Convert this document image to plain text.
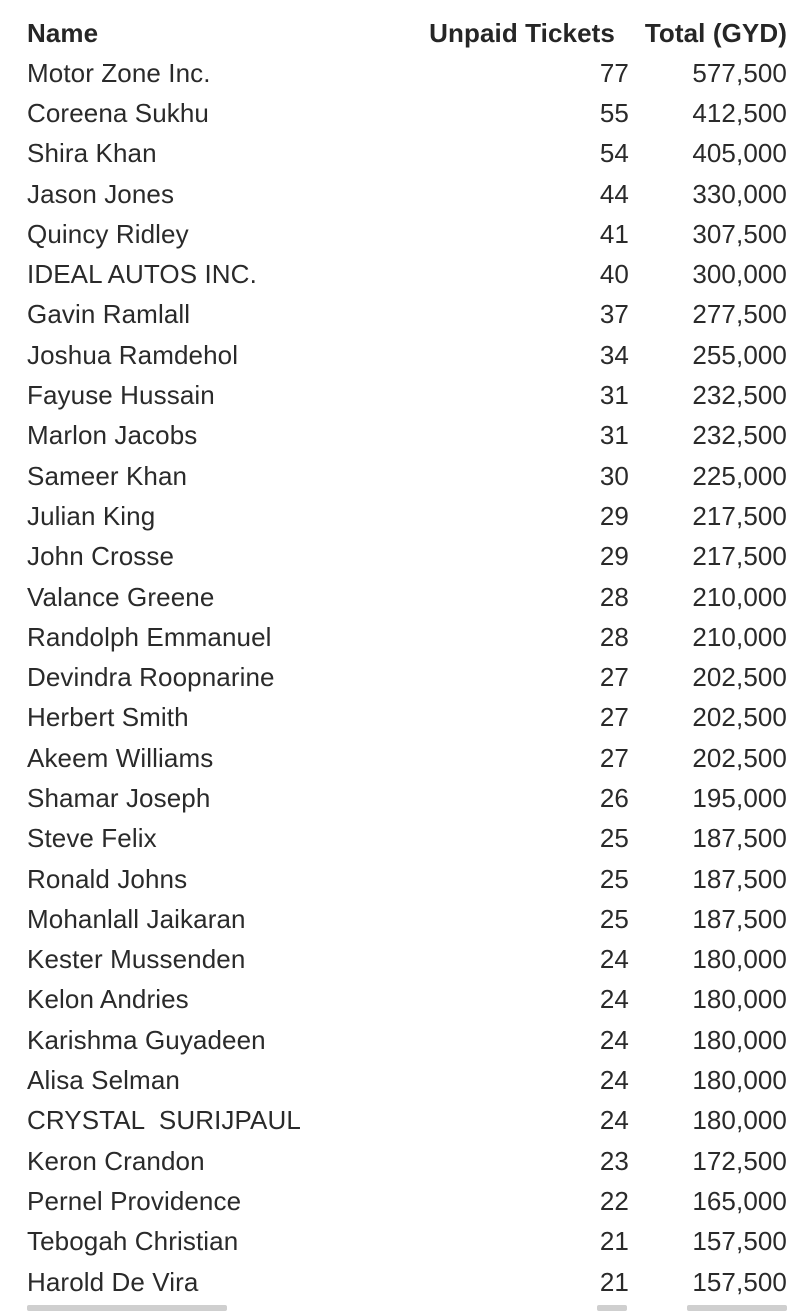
Name	Unpaid Tickets	Total (GYD)
Motor Zone Inc.	77	577,500
Coreena Sukhu	55	412,500
Shira Khan	54	405,000
Jason Jones	44	330,000
Quincy Ridley	41	307,500
IDEAL AUTOS INC.	40	300,000
Gavin Ramlall	37	277,500
Joshua Ramdehol	34	255,000
Fayuse Hussain	31	232,500
Marlon Jacobs	31	232,500
Sameer Khan	30	225,000
Julian King	29	217,500
John Crosse	29	217,500
Valance Greene	28	210,000
Randolph Emmanuel	28	210,000
Devindra Roopnarine	27	202,500
Herbert Smith	27	202,500
Akeem Williams	27	202,500
Shamar Joseph	26	195,000
Steve Felix	25	187,500
Ronald Johns	25	187,500
Mohanlall Jaikaran	25	187,500
Kester Mussenden	24	180,000
Kelon Andries	24	180,000
Karishma Guyadeen	24	180,000
Alisa Selman	24	180,000
CRYSTAL  SURIJPAUL	24	180,000
Keron Crandon	23	172,500
Pernel Providence	22	165,000
Tebogah Christian	21	157,500
Harold De Vira	21	157,500
